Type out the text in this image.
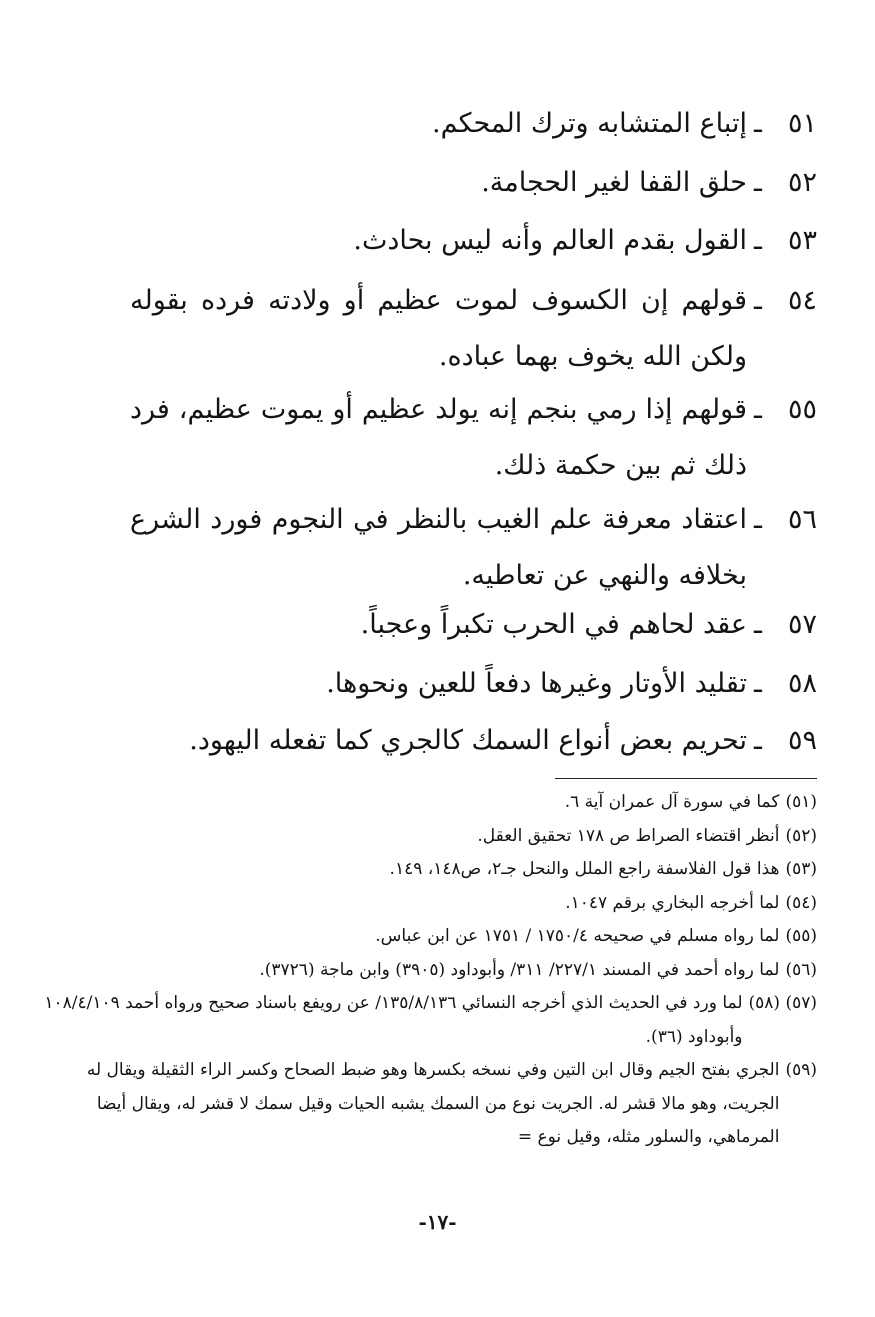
٥١
ـ
إتباع المتشابه وترك المحكم.
٥٢
ـ
حلق القفا لغير الحجامة.
٥٣
ـ
القول بقدم العالم وأنه ليس بحادث.
٥٤
ـ
قولهم إن الكسوف لموت عظيم أو ولادته فرده بقوله ولكن الله يخوف بهما عباده.
٥٥
ـ
قولهم إذا رمي بنجم إنه يولد عظيم أو يموت عظيم، فرد ذلك ثم بين حكمة ذلك.
٥٦
ـ
اعتقاد معرفة علم الغيب بالنظر في النجوم فورد الشرع بخلافه والنهي عن تعاطيه.
٥٧
ـ
عقد لحاهم في الحرب تكبراً وعجباً.
٥٨
ـ
تقليد الأوتار وغيرها دفعاً للعين ونحوها.
٥٩
ـ
تحريم بعض أنواع السمك كالجري كما تفعله اليهود.
(٥١)
كما في سورة آل عمران آية ٦.
(٥٢)
أنظر اقتضاء الصراط ص ١٧٨ تحقيق العقل.
(٥٣)
هذا قول الفلاسفة راجع الملل والنحل جـ٢، ص١٤٨، ١٤٩.
(٥٤)
لما أخرجه البخاري برقم ١٠٤٧.
(٥٥)
لما رواه مسلم في صحيحه ١٧٥٠/٤ / ١٧٥١ عن ابن عباس.
(٥٦)
لما رواه أحمد في المسند ٢٢٧/١/ ٣١١/ وأبوداود (٣٩٠٥) وابن ماجة (٣٧٢٦).
(٥٧) (٥٨)
لما ورد في الحديث الذي أخرجه النسائي ١٣٥/٨/١٣٦/ عن رويفع باسناد صحيح ورواه أحمد ١٠٨/٤/١٠٩ وأبوداود (٣٦).
(٥٩)
الجري بفتح الجيم وقال ابن التين وفي نسخه بكسرها وهو ضبط الصحاح وكسر الراء الثقيلة ويقال له الجريت، وهو مالا قشر له. الجريت نوع من السمك يشبه الحيات وقيل سمك لا قشر له، ويقال أيضا المرماهي، والسلور مثله، وقيل نوع =
-١٧-
